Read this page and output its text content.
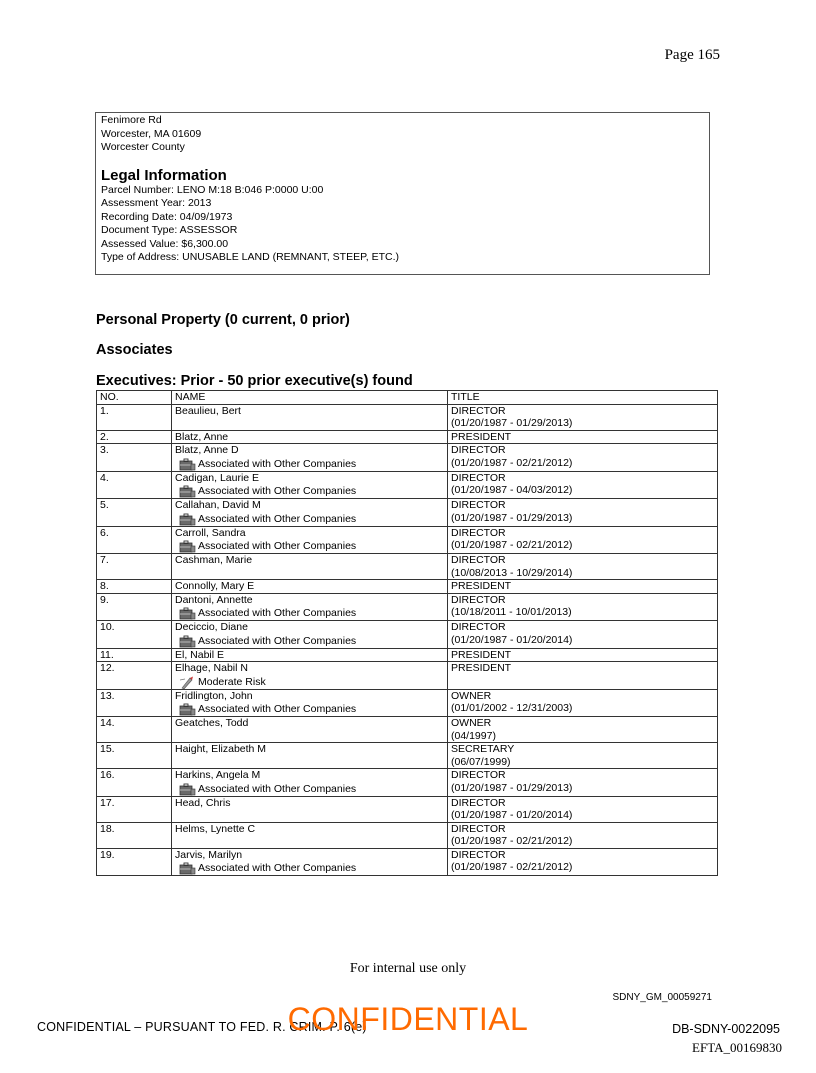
Page 165
Fenimore Rd
Worcester, MA 01609
Worcester County
Legal Information
Parcel Number: LENO M:18 B:046 P:0000 U:00
Assessment Year: 2013
Recording Date: 04/09/1973
Document Type: ASSESSOR
Assessed Value: $6,300.00
Type of Address: UNUSABLE LAND (REMNANT, STEEP, ETC.)
Personal Property (0 current, 0 prior)
Associates
Executives: Prior - 50 prior executive(s) found
NO.	NAME	TITLE
1.	Beaulieu, Bert	DIRECTOR
(01/20/1987 - 01/29/2013)

2.	Blatz, Anne	PRESIDENT

3.	Blatz, Anne D
Associated with Other Companies	DIRECTOR
(01/20/1987 - 02/21/2012)

4.	Cadigan, Laurie E
Associated with Other Companies	DIRECTOR
(01/20/1987 - 04/03/2012)

5.	Callahan, David M
Associated with Other Companies	DIRECTOR
(01/20/1987 - 01/29/2013)

6.	Carroll, Sandra
Associated with Other Companies	DIRECTOR
(01/20/1987 - 02/21/2012)

7.	Cashman, Marie	DIRECTOR
(10/08/2013 - 10/29/2014)

8.	Connolly, Mary E	PRESIDENT

9.	Dantoni, Annette
Associated with Other Companies	DIRECTOR
(10/18/2011 - 10/01/2013)

10.	Deciccio, Diane
Associated with Other Companies	DIRECTOR
(01/20/1987 - 01/20/2014)

11.	El, Nabil E	PRESIDENT

12.	Elhage, Nabil N
Moderate Risk	PRESIDENT

13.	Fridlington, John
Associated with Other Companies	OWNER
(01/01/2002 - 12/31/2003)

14.	Geatches, Todd	OWNER
(04/1997)

15.	Haight, Elizabeth M	SECRETARY
(06/07/1999)

16.	Harkins, Angela M
Associated with Other Companies	DIRECTOR
(01/20/1987 - 01/29/2013)

17.	Head, Chris	DIRECTOR
(01/20/1987 - 01/20/2014)

18.	Helms, Lynette C	DIRECTOR
(01/20/1987 - 02/21/2012)

19.	Jarvis, Marilyn
Associated with Other Companies	DIRECTOR
(01/20/1987 - 02/21/2012)
For internal use only
SDNY_GM_00059271
CONFIDENTIAL – PURSUANT TO FED. R. CRIM. P. 6(e)
CONFIDENTIAL	DB-SDNY-0022095
EFTA_00169830
